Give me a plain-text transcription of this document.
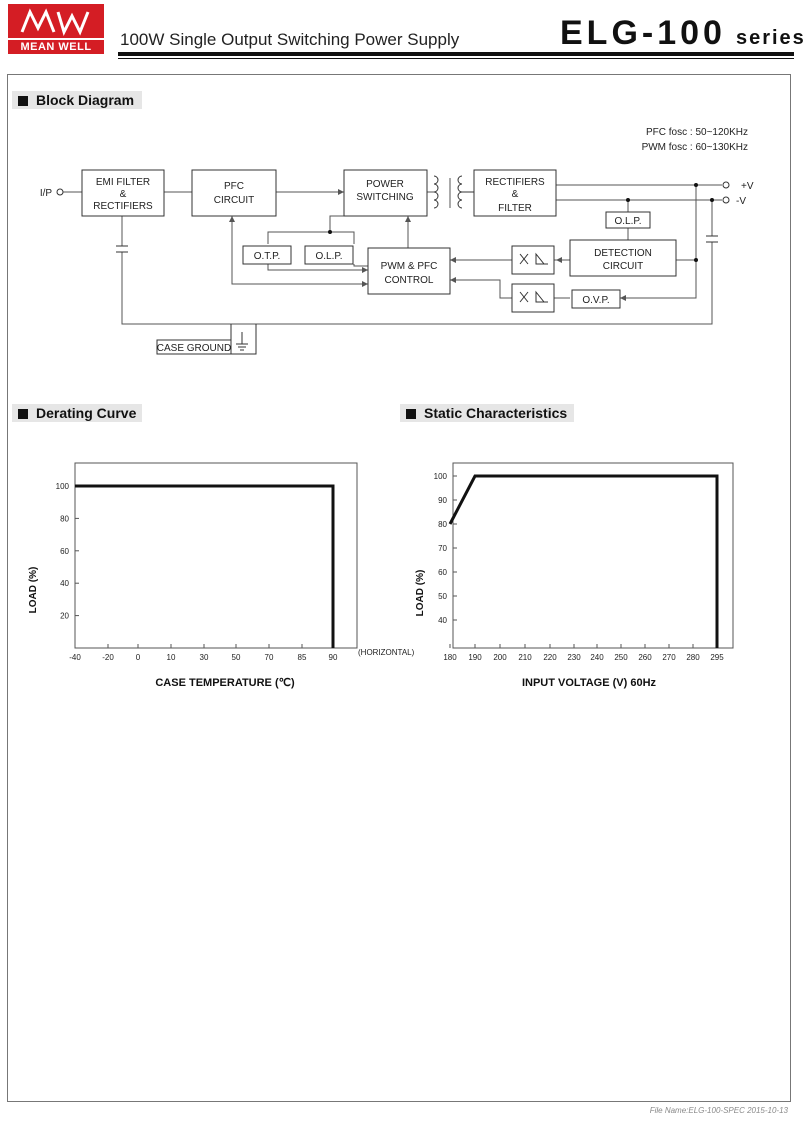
MEAN WELL	100W Single Output Switching Power Supply	ELG-100 series
Block Diagram
Derating Curve	Static Characteristics
PFC fosc : 50~120KHz
PWM fosc : 60~130KHz
I/P
+V
-V
EMI FILTER
&
RECTIFIERS
PFC
CIRCUIT
POWER
SWITCHING
RECTIFIERS
&
FILTER
O.T.P.	O.L.P.
PWM & PFC
CONTROL
O.L.P.
DETECTION
CIRCUIT
O.V.P.
CASE GROUND
20
40
60
80
100
-40	-20	0	10	30	50	70	85	90
(HORIZONTAL)
CASE TEMPERATURE (℃)
LOAD (%)
40
50
60
70
80
90
100
180 190 200 210 220 230 240 250 260 270 280 295
INPUT VOLTAGE (V) 60Hz
LOAD (%)
File Name:ELG-100-SPEC 2015-10-13
